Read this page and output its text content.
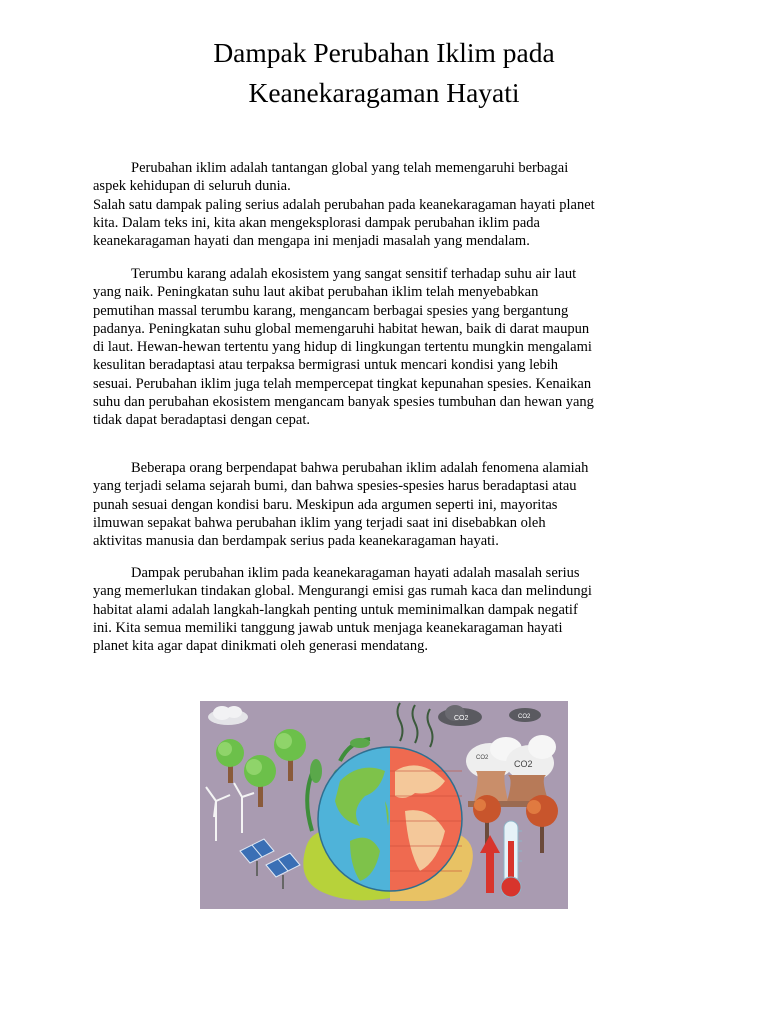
Dampak Perubahan Iklim pada
Keanekaragaman Hayati
Perubahan iklim adalah tantangan global yang telah memengaruhi berbagai
aspek kehidupan di seluruh dunia.
Salah satu dampak paling serius adalah perubahan pada keanekaragaman hayati planet
kita. Dalam teks ini, kita akan mengeksplorasi dampak perubahan iklim pada
keanekaragaman hayati dan mengapa ini menjadi masalah yang mendalam.
Terumbu karang adalah ekosistem yang sangat sensitif terhadap suhu air laut
yang naik. Peningkatan suhu laut akibat perubahan iklim telah menyebabkan
pemutihan massal terumbu karang, mengancam berbagai spesies yang bergantung
padanya. Peningkatan suhu global memengaruhi habitat hewan, baik di darat maupun
di laut. Hewan-hewan tertentu yang hidup di lingkungan tertentu mungkin mengalami
kesulitan beradaptasi atau terpaksa bermigrasi untuk mencari kondisi yang lebih
sesuai. Perubahan iklim juga telah mempercepat tingkat kepunahan spesies. Kenaikan
suhu dan perubahan ekosistem mengancam banyak spesies tumbuhan dan hewan yang
tidak dapat beradaptasi dengan cepat.
Beberapa orang berpendapat bahwa perubahan iklim adalah fenomena alamiah
yang terjadi selama sejarah bumi, dan bahwa spesies-spesies harus beradaptasi atau
punah sesuai dengan kondisi baru. Meskipun ada argumen seperti ini, mayoritas
ilmuwan sepakat bahwa perubahan iklim yang terjadi saat ini disebabkan oleh
aktivitas manusia dan berdampak serius pada keanekaragaman hayati.
Dampak perubahan iklim pada keanekaragaman hayati adalah masalah serius
yang memerlukan tindakan global. Mengurangi emisi gas rumah kaca dan melindungi
habitat alami adalah langkah-langkah penting untuk meminimalkan dampak negatif
ini. Kita semua memiliki tanggung jawab untuk menjaga keanekaragaman hayati
planet kita agar dapat dinikmati oleh generasi mendatang.
CO2	CO2
CO2
CO2
